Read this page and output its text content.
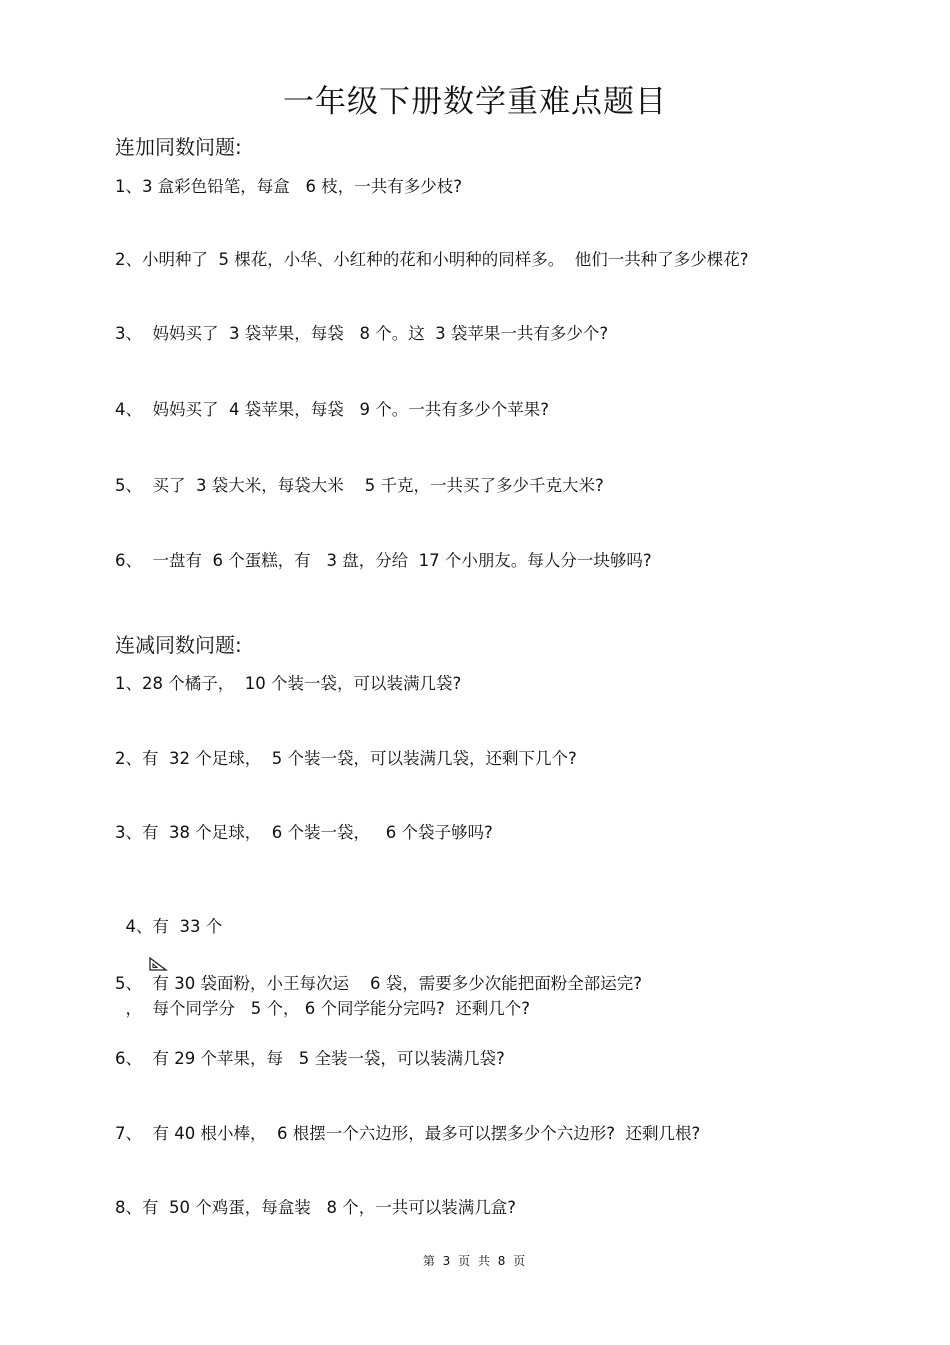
一年级下册数学重难点题目
连加同数问题:
1、3 盒彩色铅笔，每盒   6 枝，一共有多少枝?
2、小明种了  5 棵花，小华、小红种的花和小明种的同样多。  他们一共种了多少棵花?
3、  妈妈买了  3 袋苹果，每袋   8 个。这  3 袋苹果一共有多少个?
4、  妈妈买了  4 袋苹果，每袋   9 个。一共有多少个苹果?
5、  买了  3 袋大米，每袋大米    5 千克，一共买了多少千克大米?
6、  一盘有  6 个蛋糕，有   3 盘，分给  17 个小朋友。每人分一块够吗?
连减同数问题:
1、28 个橘子，  10 个装一袋，可以装满几袋?
2、有  32 个足球，  5 个装一袋，可以装满几袋，还剩下几个?
3、有  38 个足球，  6 个装一袋，   6 个袋子够吗?

4、有  33 个

，  每个同学分   5 个， 6 个同学能分完吗?  还剩几个?

5、  有 30 袋面粉，小王每次运    6 袋，需要多少次能把面粉全部运完?
6、  有 29 个苹果，每   5 全装一袋，可以装满几袋?
7、  有 40 根小棒，  6 根摆一个六边形，最多可以摆多少个六边形?  还剩几根?
8、有  50 个鸡蛋，每盒装   8 个，一共可以装满几盒?
第 3 页 共 8 页
